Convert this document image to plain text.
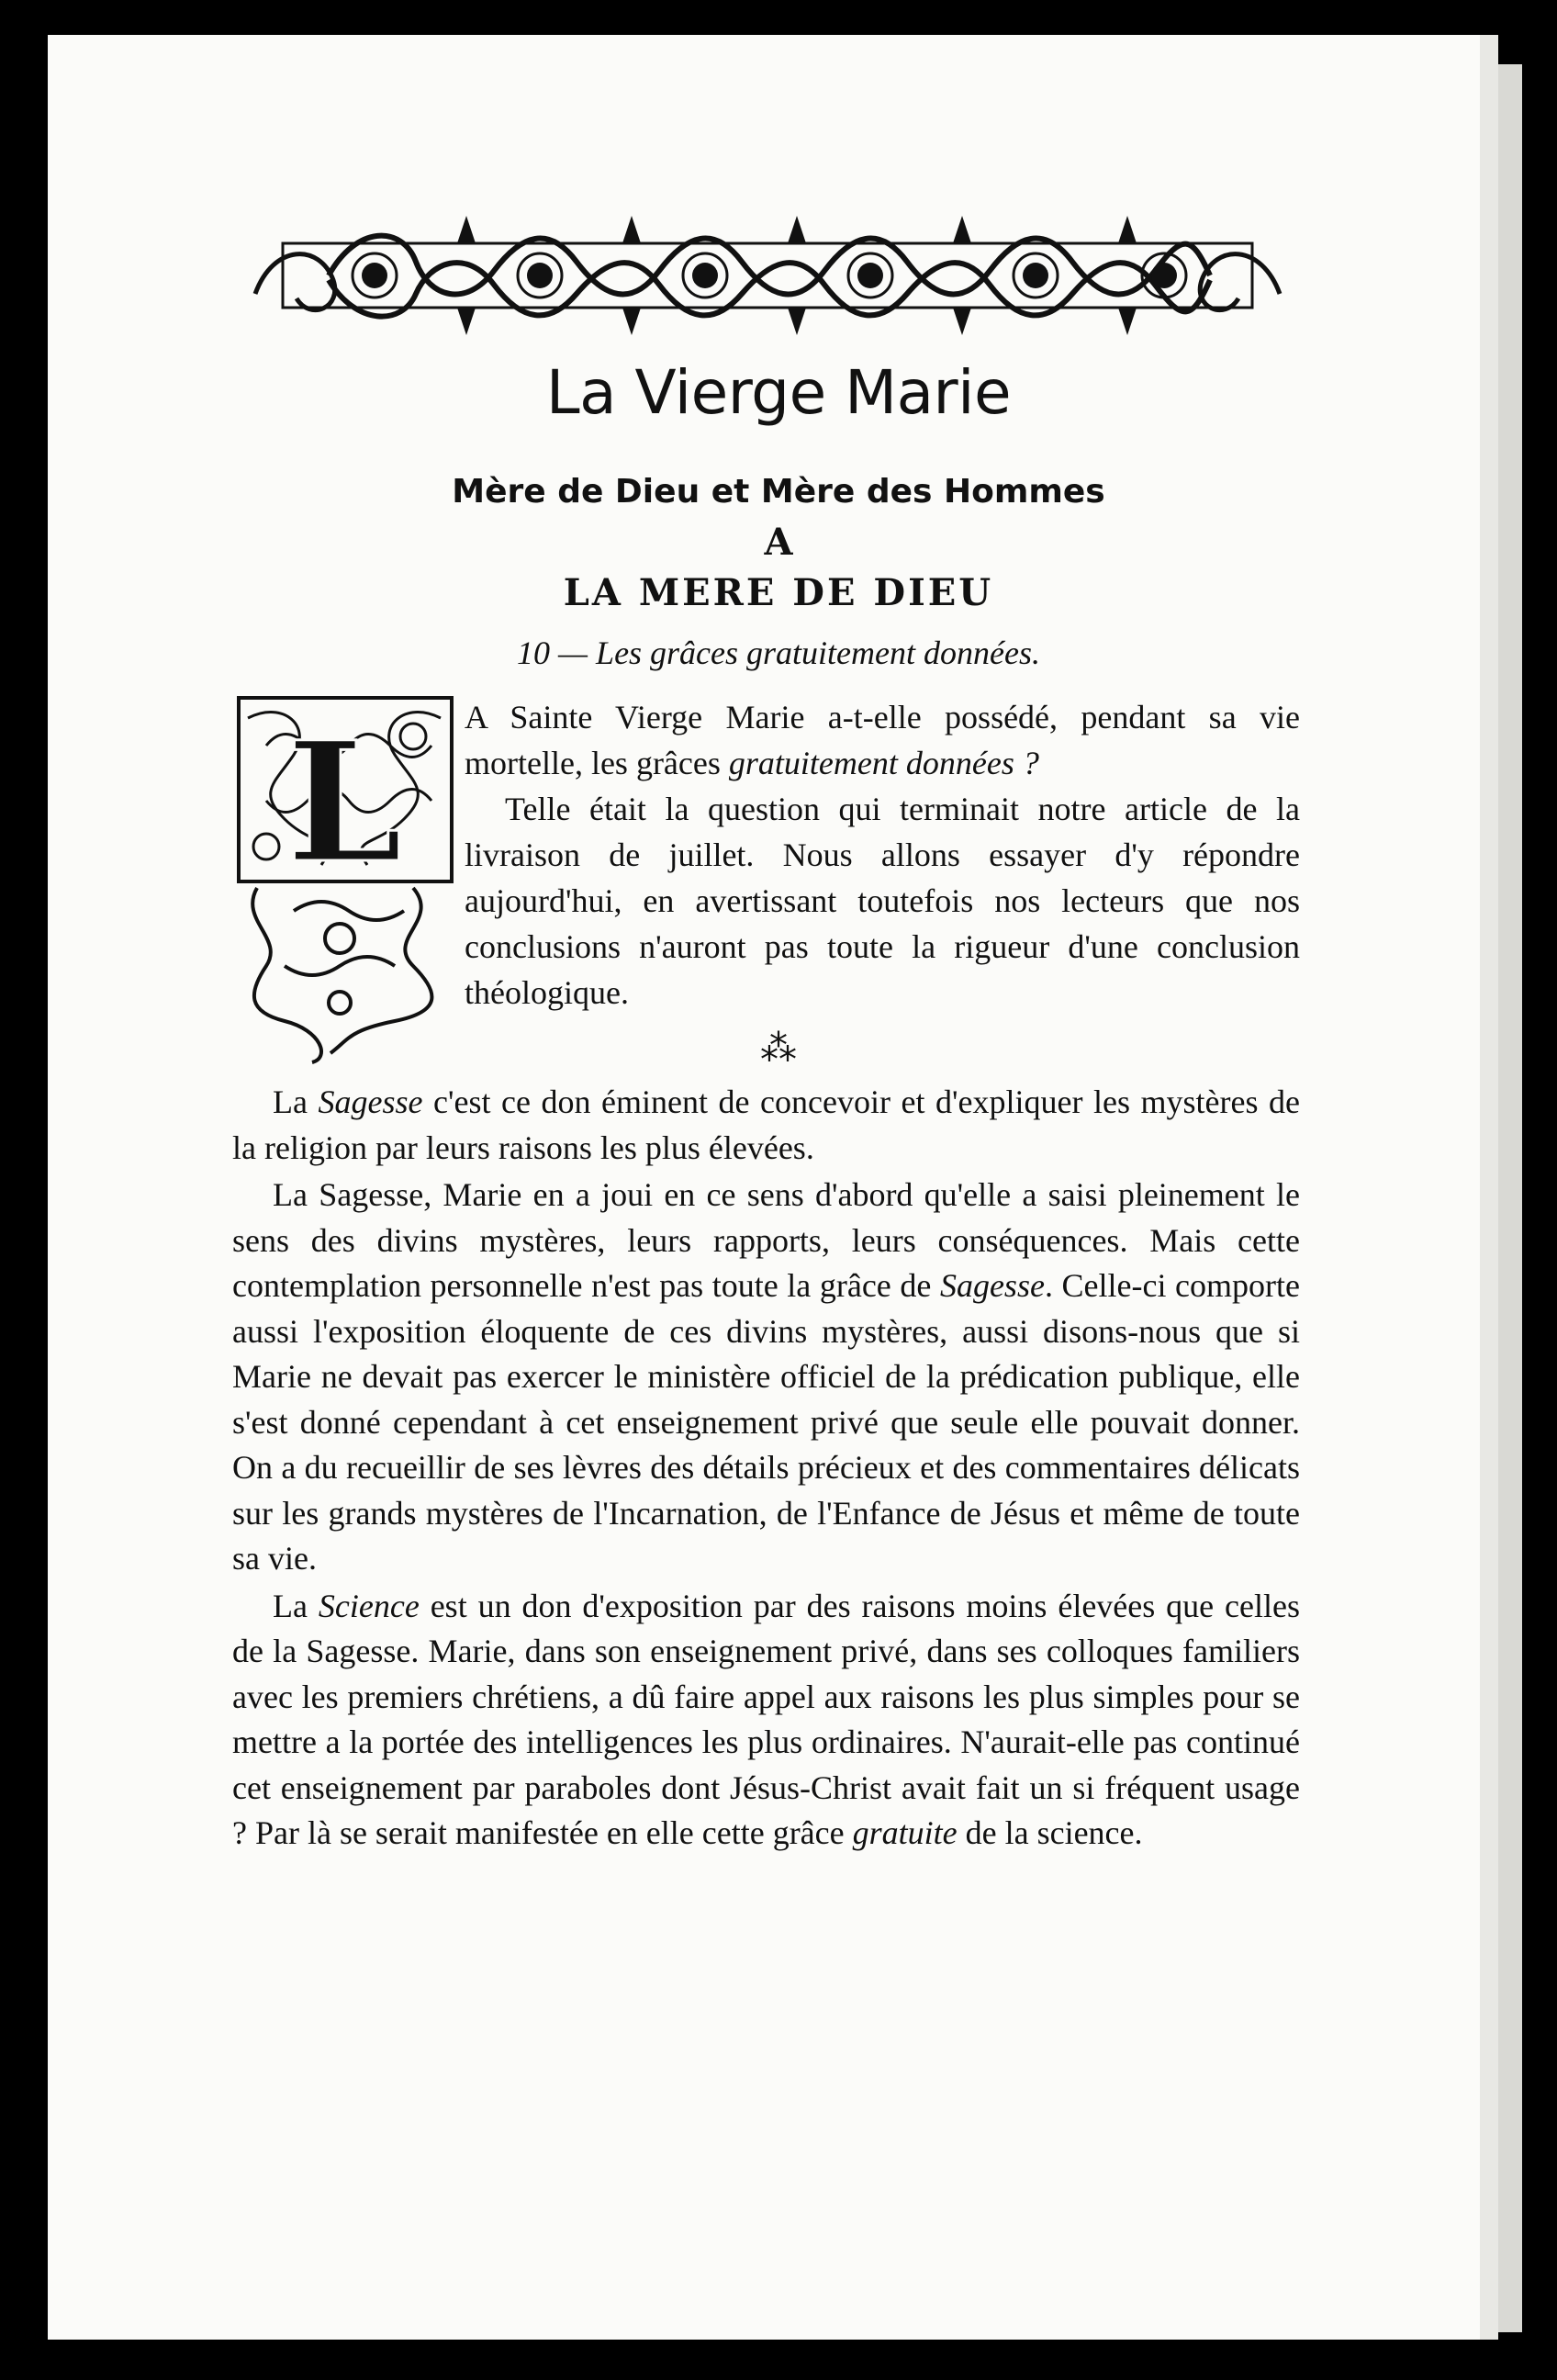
La Vierge Marie
Mère de Dieu et Mère des Hommes
A
LA MERE DE DIEU
10 — Les grâces gratuitement données.
L A Sainte Vierge Marie a-t-elle possédé, pendant sa vie mortelle, les grâces gratuitement données ?

Telle était la question qui terminait notre article de la livraison de juillet. Nous allons essayer d'y répondre aujourd'hui, en avertissant toutefois nos lecteurs que nos conclusions n'auront pas toute la rigueur d'une conclusion théologique.

⁂

La Sagesse c'est ce don éminent de concevoir et d'expliquer les mystères de la religion par leurs raisons les plus élevées.

La Sagesse, Marie en a joui en ce sens d'abord qu'elle a saisi pleinement le sens des divins mystères, leurs rapports, leurs conséquences. Mais cette contemplation personnelle n'est pas toute la grâce de Sagesse. Celle-ci comporte aussi l'exposition éloquente de ces divins mystères, aussi disons-nous que si Marie ne devait pas exercer le ministère officiel de la prédication publique, elle s'est donné cependant à cet enseignement privé que seule elle pouvait donner. On a du recueillir de ses lèvres des détails précieux et des commentaires délicats sur les grands mystères de l'Incarnation, de l'Enfance de Jésus et même de toute sa vie.

La Science est un don d'exposition par des raisons moins élevées que celles de la Sagesse. Marie, dans son enseignement privé, dans ses colloques familiers avec les premiers chrétiens, a dû faire appel aux raisons les plus simples pour se mettre a la portée des intelligences les plus ordinaires. N'aurait-elle pas continué cet enseignement par paraboles dont Jésus-Christ avait fait un si fréquent usage ? Par là se serait manifestée en elle cette grâce gratuite de la science.
